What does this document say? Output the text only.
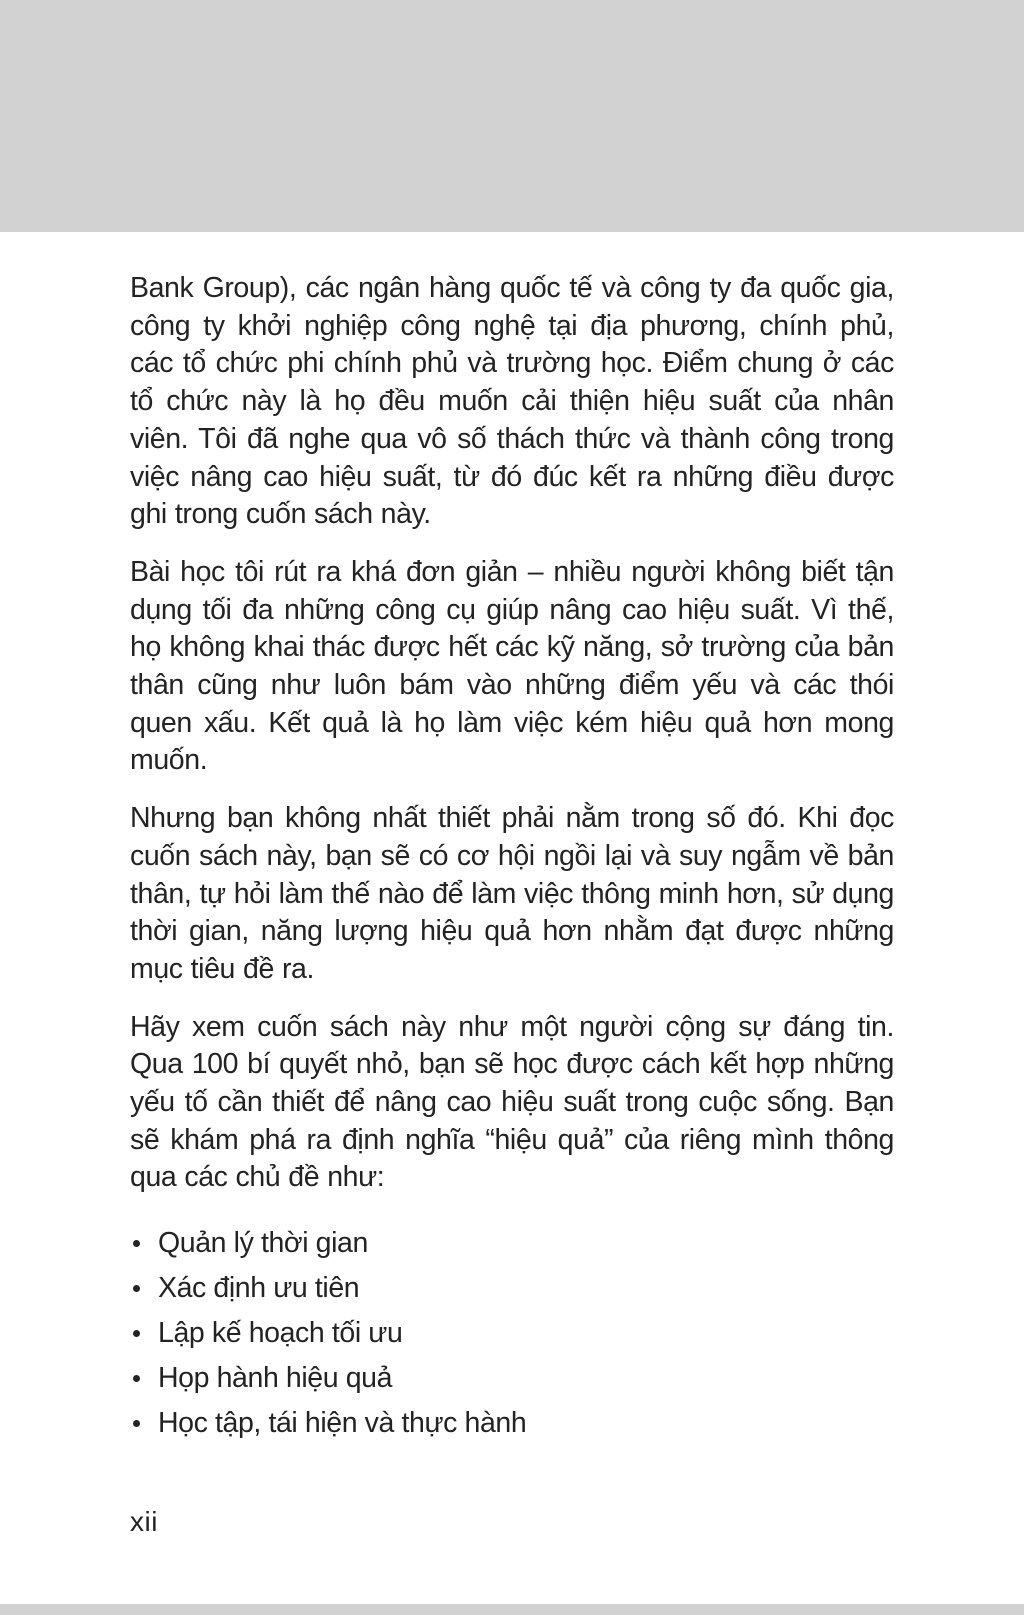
Bank Group), các ngân hàng quốc tế và công ty đa quốc gia, công ty khởi nghiệp công nghệ tại địa phương, chính phủ, các tổ chức phi chính phủ và trường học. Điểm chung ở các tổ chức này là họ đều muốn cải thiện hiệu suất của nhân viên. Tôi đã nghe qua vô số thách thức và thành công trong việc nâng cao hiệu suất, từ đó đúc kết ra những điều được ghi trong cuốn sách này.

Bài học tôi rút ra khá đơn giản – nhiều người không biết tận dụng tối đa những công cụ giúp nâng cao hiệu suất. Vì thế, họ không khai thác được hết các kỹ năng, sở trường của bản thân cũng như luôn bám vào những điểm yếu và các thói quen xấu. Kết quả là họ làm việc kém hiệu quả hơn mong muốn.

Nhưng bạn không nhất thiết phải nằm trong số đó. Khi đọc cuốn sách này, bạn sẽ có cơ hội ngồi lại và suy ngẫm về bản thân, tự hỏi làm thế nào để làm việc thông minh hơn, sử dụng thời gian, năng lượng hiệu quả hơn nhằm đạt được những mục tiêu đề ra.

Hãy xem cuốn sách này như một người cộng sự đáng tin. Qua 100 bí quyết nhỏ, bạn sẽ học được cách kết hợp những yếu tố cần thiết để nâng cao hiệu suất trong cuộc sống. Bạn sẽ khám phá ra định nghĩa “hiệu quả” của riêng mình thông qua các chủ đề như:

Quản lý thời gian
Xác định ưu tiên
Lập kế hoạch tối ưu
Họp hành hiệu quả
Học tập, tái hiện và thực hành
xii
